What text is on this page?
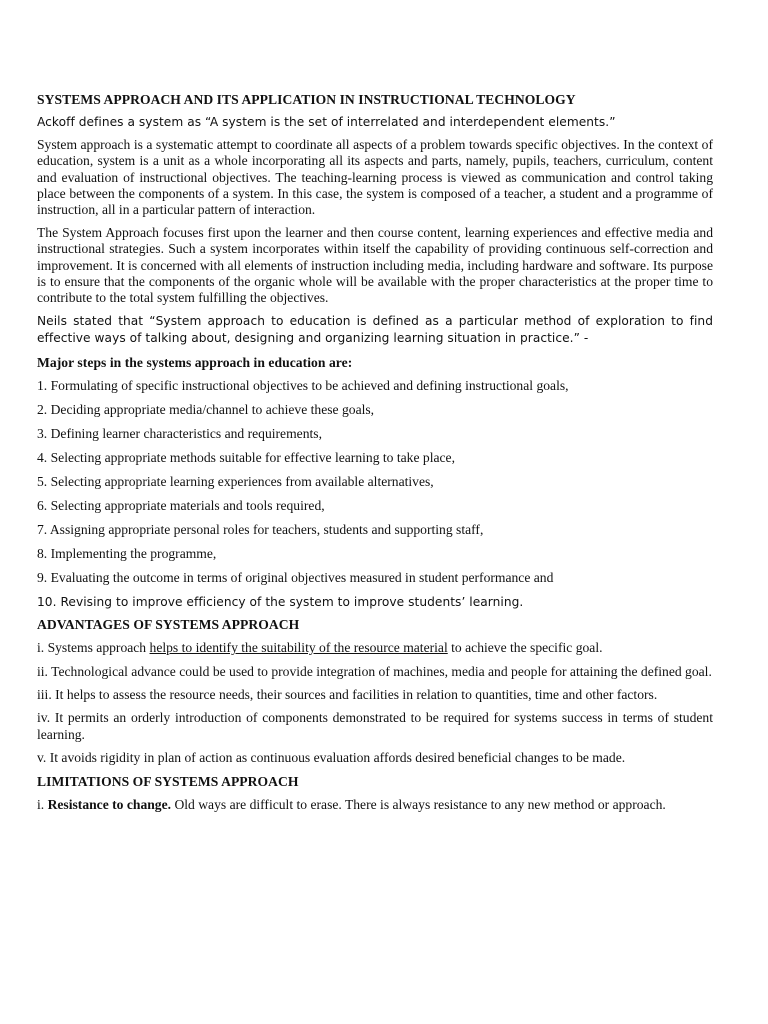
SYSTEMS APPROACH AND ITS APPLICATION IN INSTRUCTIONAL TECHNOLOGY
Ackoff defines a system as “A system is the set of interrelated and interdependent elements.”
System approach is a systematic attempt to coordinate all aspects of a problem towards specific objectives. In the context of education, system is a unit as a whole incorporating all its aspects and parts, namely, pupils, teachers, curriculum, content and evaluation of instructional objectives. The teaching-learning process is viewed as communication and control taking place between the components of a system. In this case, the system is composed of a teacher, a student and a programme of instruction, all in a particular pattern of interaction.
The System Approach focuses first upon the learner and then course content, learning experiences and effective media and instructional strategies. Such a system incorporates within itself the capability of providing continuous self-correction and improvement. It is concerned with all elements of instruction including media, including hardware and software. Its purpose is to ensure that the components of the organic whole will be available with the proper characteristics at the proper time to contribute to the total system fulfilling the objectives.
Neils stated that “System approach to education is defined as a particular method of exploration to find effective ways of talking about, designing and organizing learning situation in practice.” -
Major steps in the systems approach in education are:
1. Formulating of specific instructional objectives to be achieved and defining instructional goals,
2. Deciding appropriate media/channel to achieve these goals,
3. Defining learner characteristics and requirements,
4. Selecting appropriate methods suitable for effective learning to take place,
5. Selecting appropriate learning experiences from available alternatives,
6. Selecting appropriate materials and tools required,
7. Assigning appropriate personal roles for teachers, students and supporting staff,
8. Implementing the programme,
9. Evaluating the outcome in terms of original objectives measured in student performance and
10. Revising to improve efficiency of the system to improve students’ learning.
ADVANTAGES OF SYSTEMS APPROACH
i. Systems approach helps to identify the suitability of the resource material to achieve the specific goal.
ii. Technological advance could be used to provide integration of machines, media and people for attaining the defined goal.
iii. It helps to assess the resource needs, their sources and facilities in relation to quantities, time and other factors.
iv. It permits an orderly introduction of components demonstrated to be required for systems success in terms of student learning.
v. It avoids rigidity in plan of action as continuous evaluation affords desired beneficial changes to be made.
LIMITATIONS OF SYSTEMS APPROACH
i. Resistance to change. Old ways are difficult to erase. There is always resistance to any new method or approach.
